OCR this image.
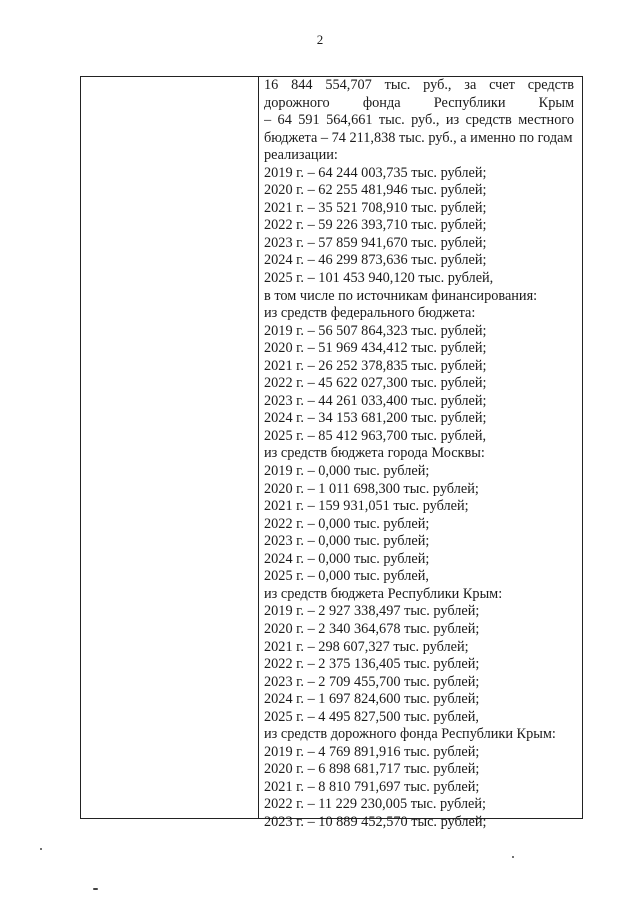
2
16 844 554,707 тыс. руб., за счет средств
дорожного фонда Республики Крым
– 64 591 564,661 тыс. руб., из средств местного
бюджета – 74 211,838 тыс. руб., а именно по годам
реализации:
2019 г. – 64 244 003,735 тыс. рублей;
2020 г. – 62 255 481,946 тыс. рублей;
2021 г. – 35 521 708,910 тыс. рублей;
2022 г. – 59 226 393,710 тыс. рублей;
2023 г. – 57 859 941,670 тыс. рублей;
2024 г. – 46 299 873,636 тыс. рублей;
2025 г. – 101 453 940,120 тыс. рублей,
в том числе по источникам финансирования:
из средств федерального бюджета:
2019 г. – 56 507 864,323 тыс. рублей;
2020 г. – 51 969 434,412 тыс. рублей;
2021 г. – 26 252 378,835 тыс. рублей;
2022 г. – 45 622 027,300 тыс. рублей;
2023 г. – 44 261 033,400 тыс. рублей;
2024 г. – 34 153 681,200 тыс. рублей;
2025 г. – 85 412 963,700 тыс. рублей,
из средств бюджета города Москвы:
2019 г. – 0,000 тыс. рублей;
2020 г. – 1 011 698,300 тыс. рублей;
2021 г. – 159 931,051 тыс. рублей;
2022 г. – 0,000 тыс. рублей;
2023 г. – 0,000 тыс. рублей;
2024 г. – 0,000 тыс. рублей;
2025 г. – 0,000 тыс. рублей,
из средств бюджета Республики Крым:
2019 г. – 2 927 338,497 тыс. рублей;
2020 г. – 2 340 364,678 тыс. рублей;
2021 г. – 298 607,327 тыс. рублей;
2022 г. – 2 375 136,405 тыс. рублей;
2023 г. – 2 709 455,700 тыс. рублей;
2024 г. – 1 697 824,600 тыс. рублей;
2025 г. – 4 495 827,500 тыс. рублей,
из средств дорожного фонда Республики Крым:
2019 г. – 4 769 891,916 тыс. рублей;
2020 г. – 6 898 681,717 тыс. рублей;
2021 г. – 8 810 791,697 тыс. рублей;
2022 г. – 11 229 230,005 тыс. рублей;
2023 г. – 10 889 452,570 тыс. рублей;
